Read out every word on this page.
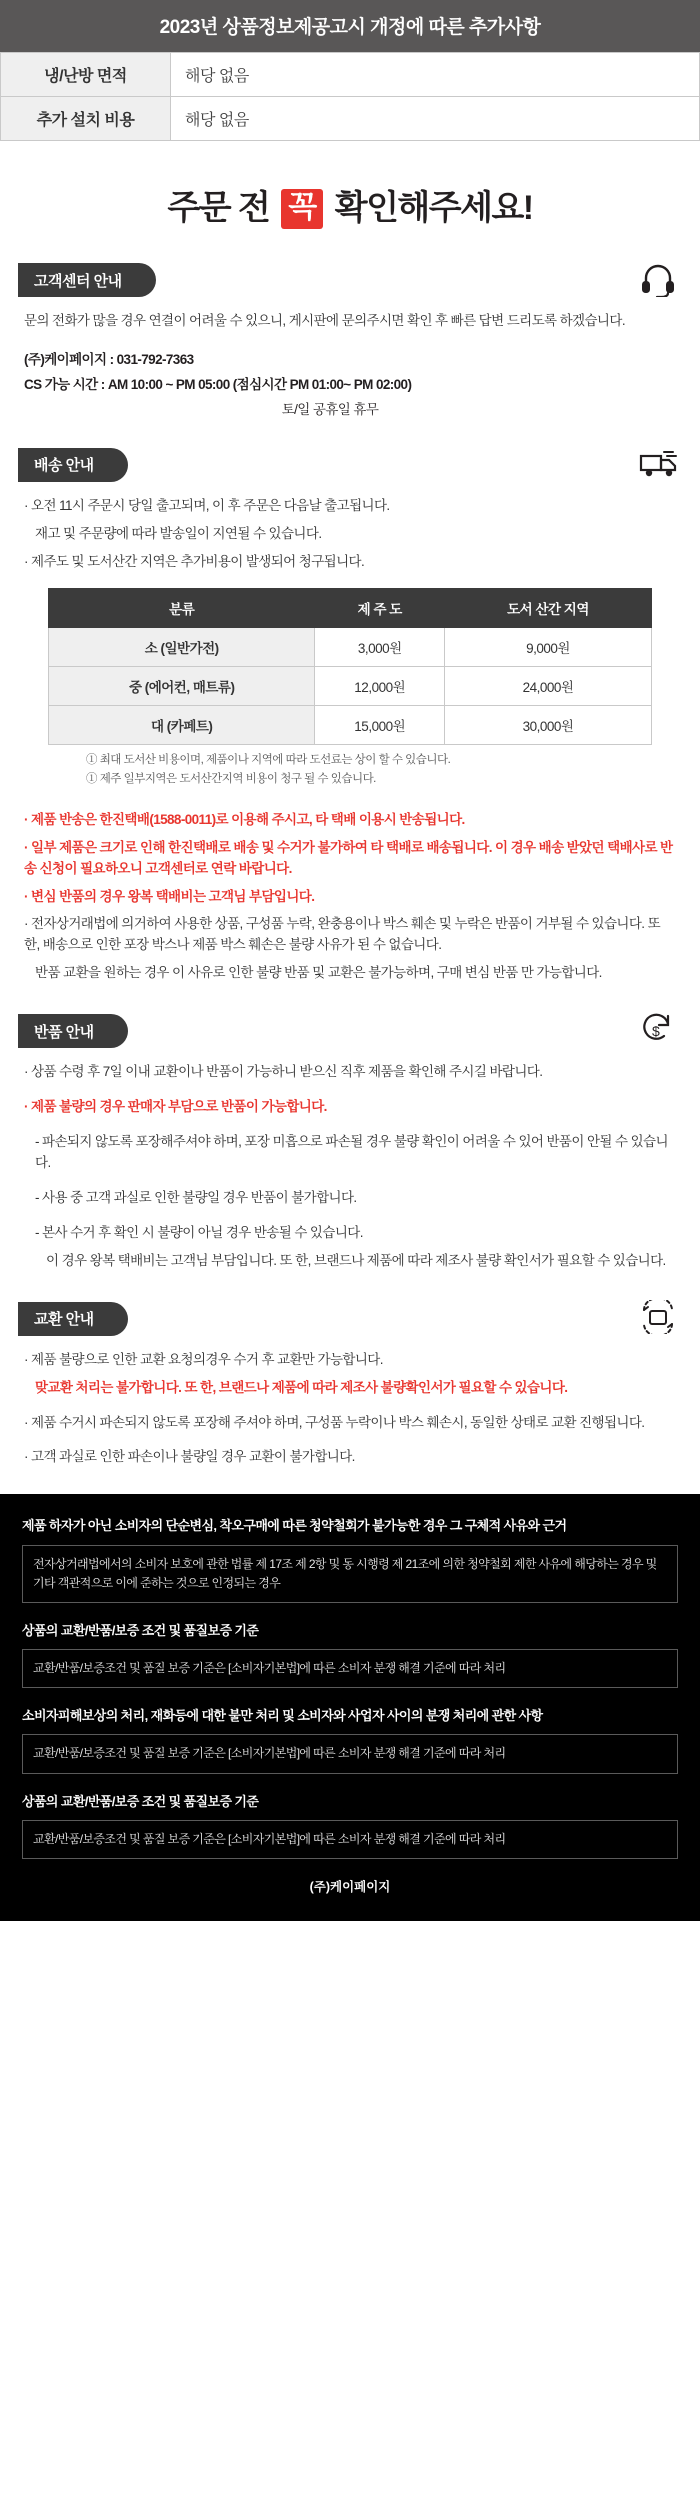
2023년 상품정보제공고시 개정에 따른 추가사항
냉/난방 면적	해당 없음
추가 설치 비용	해당 없음
주문 전 꼭 확인해주세요!
고객센터 안내

문의 전화가 많을 경우 연결이 어려울 수 있으니, 게시판에 문의주시면 확인 후 빠른 답변 드리도록 하겠습니다.

(주)케이페이지 : 031-792-7363

CS 가능 시간 : AM 10:00 ~ PM 05:00 (점심시간 PM 01:00~ PM 02:00)

토/일 공휴일 휴무

배송 안내

· 오전 11시 주문시 당일 출고되며, 이 후 주문은 다음날 출고됩니다.

재고 및 주문량에 따라 발송일이 지연될 수 있습니다.

· 제주도 및 도서산간 지역은 추가비용이 발생되어 청구됩니다.

분류	제 주 도	도서 산간 지역
소 (일반가전)	3,000원	9,000원
중 (에어컨, 매트류)	12,000원	24,000원
대 (카페트)	15,000원	30,000원

① 최대 도서산 비용이며, 제품이나 지역에 따라 도선료는 상이 할 수 있습니다.

① 제주 일부지역은 도서산간지역 비용이 청구 될 수 있습니다.

· 제품 반송은 한진택배(1588-0011)로 이용해 주시고, 타 택배 이용시 반송됩니다.

· 일부 제품은 크기로 인해 한진택배로 배송 및 수거가 불가하여 타 택배로 배송됩니다. 이 경우 배송 받았던 택배사로 반송 신청이 필요하오니 고객센터로 연락 바랍니다.

· 변심 반품의 경우 왕복 택배비는 고객님 부담입니다.

· 전자상거래법에 의거하여 사용한 상품, 구성품 누락, 완충용이나 박스 훼손 및 누락은 반품이 거부될 수 있습니다. 또 한, 배송으로 인한 포장 박스나 제품 박스 훼손은 불량 사유가 된 수 없습니다.

반품 교환을 원하는 경우 이 사유로 인한 불량 반품 및 교환은 불가능하며, 구매 변심 반품 만 가능합니다.

반품 안내	$

· 상품 수령 후 7일 이내 교환이나 반품이 가능하니 받으신 직후 제품을 확인해 주시길 바랍니다.

· 제품 불량의 경우 판매자 부담으로 반품이 가능합니다.

- 파손되지 않도록 포장해주셔야 하며, 포장 미흡으로 파손될 경우 불량 확인이 어려울 수 있어 반품이 안될 수 있습니다.

- 사용 중 고객 과실로 인한 불량일 경우 반품이 불가합니다.

- 본사 수거 후 확인 시 불량이 아닐 경우 반송될 수 있습니다.

이 경우 왕복 택배비는 고객님 부담입니다. 또 한, 브랜드나 제품에 따라 제조사 불량 확인서가 필요할 수 있습니다.

교환 안내

· 제품 불량으로 인한 교환 요청의경우 수거 후 교환만 가능합니다.

맞교환 처리는 불가합니다. 또 한, 브랜드나 제품에 따라 제조사 불량확인서가 필요할 수 있습니다.

· 제품 수거시 파손되지 않도록 포장해 주셔야 하며, 구성품 누락이나 박스 훼손시, 동일한 상태로 교환 진행됩니다.

· 고객 과실로 인한 파손이나 불량일 경우 교환이 불가합니다.

제품 하자가 아닌 소비자의 단순변심, 착오구매에 따른 청약철회가 불가능한 경우 그 구체적 사유와 근거
전자상거래법에서의 소비자 보호에 관한 법률 제 17조 제 2항 및 동 시행령 제 21조에 의한 청약철회 제한 사유에 해당하는 경우 및 기타 객관적으로 이에 준하는 것으로 인정되는 경우
상품의 교환/반품/보증 조건 및 품질보증 기준
교환/반품/보증조건 및 품질 보증 기준은 [소비자기본법]에 따른 소비자 분쟁 해결 기준에 따라 처리
소비자피해보상의 처리, 재화등에 대한 불만 처리 및 소비자와 사업자 사이의 분쟁 처리에 관한 사항
교환/반품/보증조건 및 품질 보증 기준은 [소비자기본법]에 따른 소비자 분쟁 해결 기준에 따라 처리
상품의 교환/반품/보증 조건 및 품질보증 기준
교환/반품/보증조건 및 품질 보증 기준은 [소비자기본법]에 따른 소비자 분쟁 해결 기준에 따라 처리
(주)케이페이지
